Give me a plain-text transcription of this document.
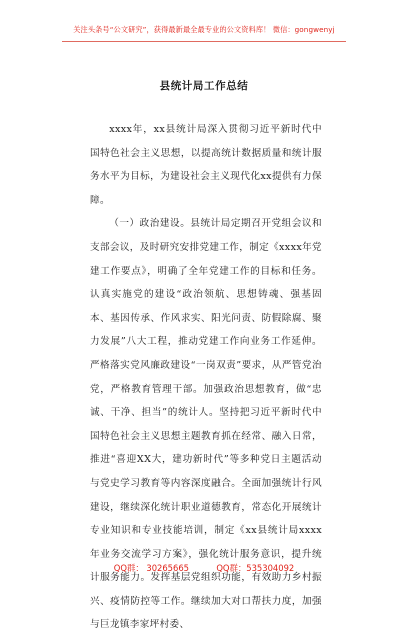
关注头条号“公文研究”，获得最新最全最专业的公文资料库！ 微信：gongwenyj
县统计局工作总结

xxxx年，xx县统计局深入贯彻习近平新时代中国特色社会主义思想，以提高统计数据质量和统计服务水平为目标，为建设社会主义现代化xx提供有力保障。

（一）政治建设。县统计局定期召开党组会议和支部会议，及时研究安排党建工作，制定《xxxx年党建工作要点》，明确了全年党建工作的目标和任务。认真实施党的建设“政治领航、思想铸魂、强基固本、基因传承、作风求实、阳光问责、防假除腐、聚力发展”八大工程，推动党建工作向业务工作延伸。严格落实党风廉政建设“一岗双责”要求，从严管党治党，严格教育管理干部。加强政治思想教育，做“忠诚、干净、担当”的统计人。坚持把习近平新时代中国特色社会主义思想主题教育抓在经常、融入日常，推进“喜迎XX大，建功新时代”等多种党日主题活动与党史学习教育等内容深度融合。全面加强统计行风建设，继续深化统计职业道德教育，常态化开展统计专业知识和专业技能培训，制定《xx县统计局xxxx年业务交流学习方案》，强化统计服务意识，提升统计服务能力。发挥基层党组织功能，有效助力乡村振兴、疫情防控等工作。继续加大对口帮扶力度，加强与巨龙镇李家坪村委、

QQ群： 30265665	QQ群：535304092
